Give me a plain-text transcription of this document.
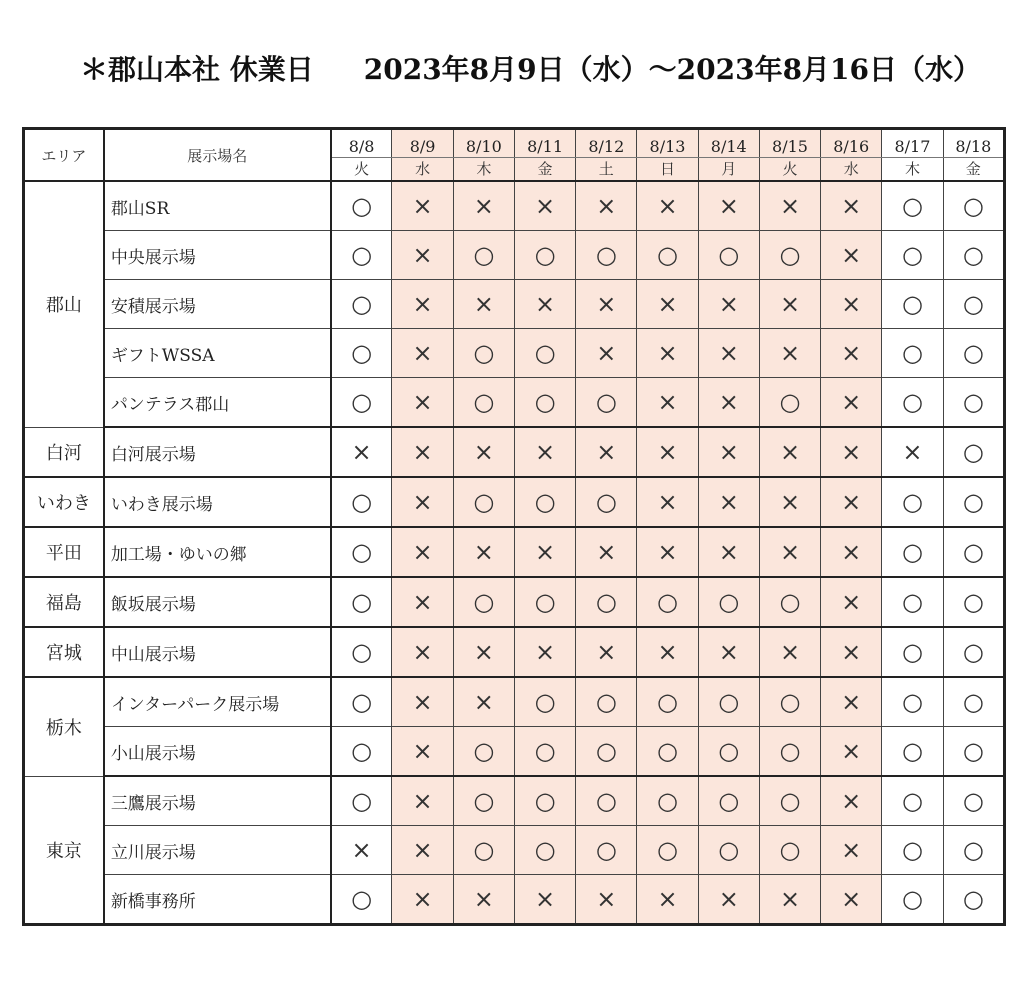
＊郡山本社 休業日 2023年8月9日（水）～2023年8月16日（水）
エリア	展示場名	8/8	8/9	8/10	8/11	8/12	8/13	8/14	8/15	8/16	8/17	8/18
		火	水	木	金	土	日	月	火	水	木	金
郡山	郡山SR	○	×	×	×	×	×	×	×	×	○	○
	中央展示場	○	×	○	○	○	○	○	○	×	○	○
	安積展示場	○	×	×	×	×	×	×	×	×	○	○
	ギフトWSSA	○	×	○	○	×	×	×	×	×	○	○
	パンテラス郡山	○	×	○	○	○	×	×	○	×	○	○
白河	白河展示場	×	×	×	×	×	×	×	×	×	×	○
いわき	いわき展示場	○	×	○	○	○	×	×	×	×	○	○
平田	加工場・ゆいの郷	○	×	×	×	×	×	×	×	×	○	○
福島	飯坂展示場	○	×	○	○	○	○	○	○	×	○	○
宮城	中山展示場	○	×	×	×	×	×	×	×	×	○	○
栃木	インターパーク展示場	○	×	×	○	○	○	○	○	×	○	○
	小山展示場	○	×	○	○	○	○	○	○	×	○	○
東京	三鷹展示場	○	×	○	○	○	○	○	○	×	○	○
	立川展示場	×	×	○	○	○	○	○	○	×	○	○
	新橋事務所	○	×	×	×	×	×	×	×	×	○	○
